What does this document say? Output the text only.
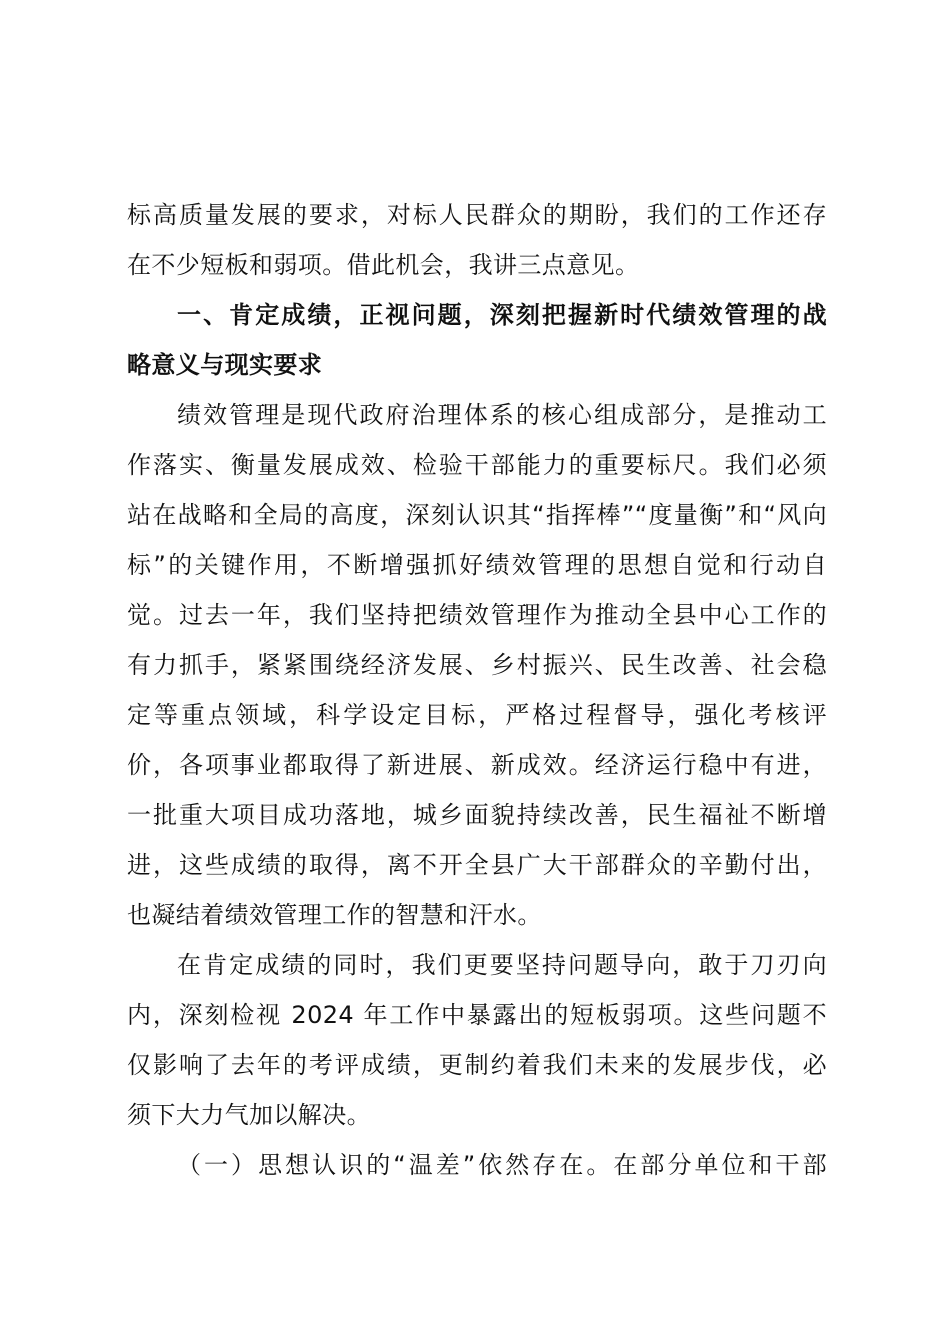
标高质量发展的要求，对标人民群众的期盼，我们的工作还存
在不少短板和弱项。借此机会，我讲三点意见。
一、肯定成绩，正视问题，深刻把握新时代绩效管理的战
略意义与现实要求
绩效管理是现代政府治理体系的核心组成部分，是推动工
作落实、衡量发展成效、检验干部能力的重要标尺。我们必须
站在战略和全局的高度，深刻认识其“指挥棒”“度量衡”和“风向
标”的关键作用，不断增强抓好绩效管理的思想自觉和行动自
觉。过去一年，我们坚持把绩效管理作为推动全县中心工作的
有力抓手，紧紧围绕经济发展、乡村振兴、民生改善、社会稳
定等重点领域，科学设定目标，严格过程督导，强化考核评
价，各项事业都取得了新进展、新成效。经济运行稳中有进，
一批重大项目成功落地，城乡面貌持续改善，民生福祉不断增
进，这些成绩的取得，离不开全县广大干部群众的辛勤付出，
也凝结着绩效管理工作的智慧和汗水。
在肯定成绩的同时，我们更要坚持问题导向，敢于刀刃向
内，深刻检视 2024 年工作中暴露出的短板弱项。这些问题不
仅影响了去年的考评成绩，更制约着我们未来的发展步伐，必
须下大力气加以解决。
（一）思想认识的“温差”依然存在。在部分单位和干部
